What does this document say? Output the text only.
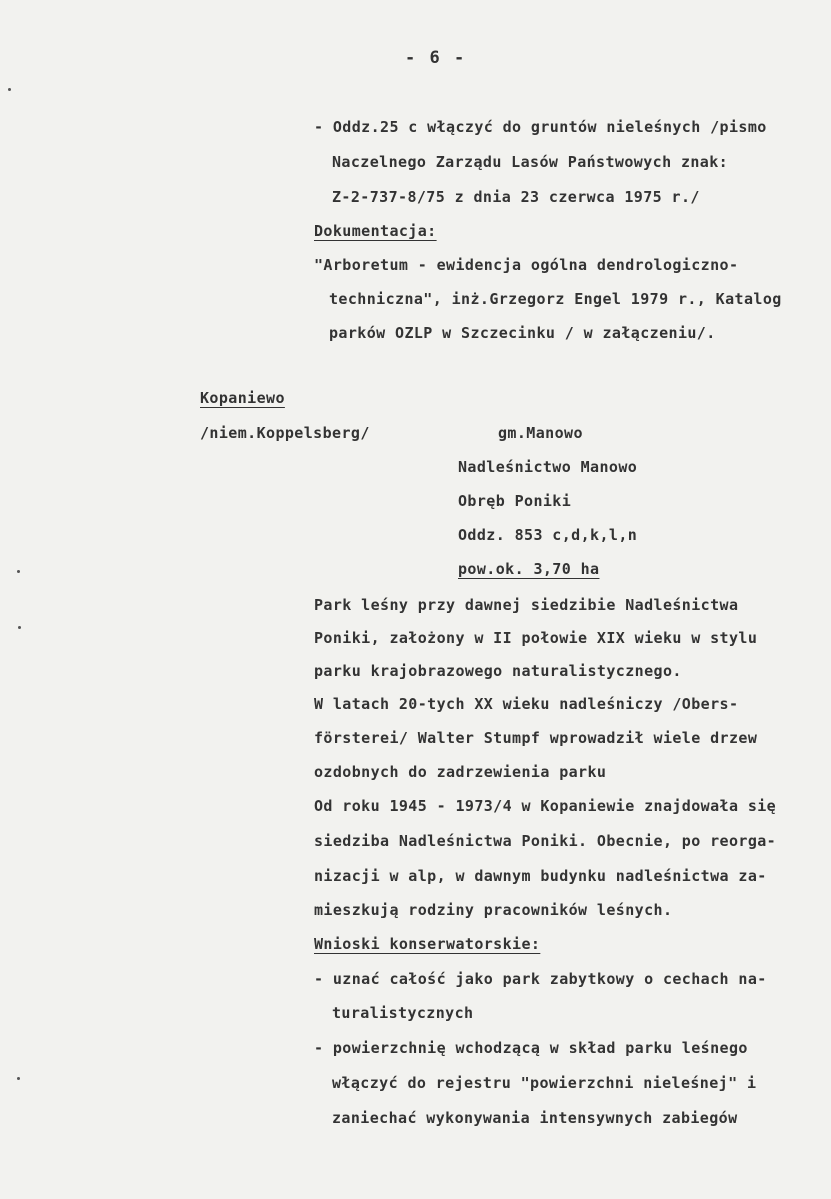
- 6 -
- Oddz.25 c włączyć do gruntów nieleśnych /pismo
Naczelnego Zarządu Lasów Państwowych znak:
Z-2-737-8/75 z dnia 23 czerwca 1975 r./
Dokumentacja:
"Arboretum - ewidencja ogólna dendrologiczno-
techniczna", inż.Grzegorz Engel 1979 r., Katalog
parków OZLP w Szczecinku / w załączeniu/.
Kopaniewo
/niem.Koppelsberg/	gm.Manowo
Nadleśnictwo Manowo
Obręb Poniki
Oddz. 853 c,d,k,l,n
pow.ok. 3,70 ha
Park leśny przy dawnej siedzibie Nadleśnictwa
Poniki, założony w II połowie XIX wieku w stylu
parku krajobrazowego naturalistycznego.
W latach 20-tych XX wieku nadleśniczy /Obers-
försterei/ Walter Stumpf wprowadził wiele drzew
ozdobnych do zadrzewienia parku
Od roku 1945 - 1973/4 w Kopaniewie znajdowała się
siedziba Nadleśnictwa Poniki. Obecnie, po reorga-
nizacji w alp, w dawnym budynku nadleśnictwa za-
mieszkują rodziny pracowników leśnych.
Wnioski konserwatorskie:
- uznać całość jako park zabytkowy o cechach na-
turalistycznych
- powierzchnię wchodzącą w skład parku leśnego
włączyć do rejestru "powierzchni nieleśnej" i
zaniechać wykonywania intensywnych zabiegów
